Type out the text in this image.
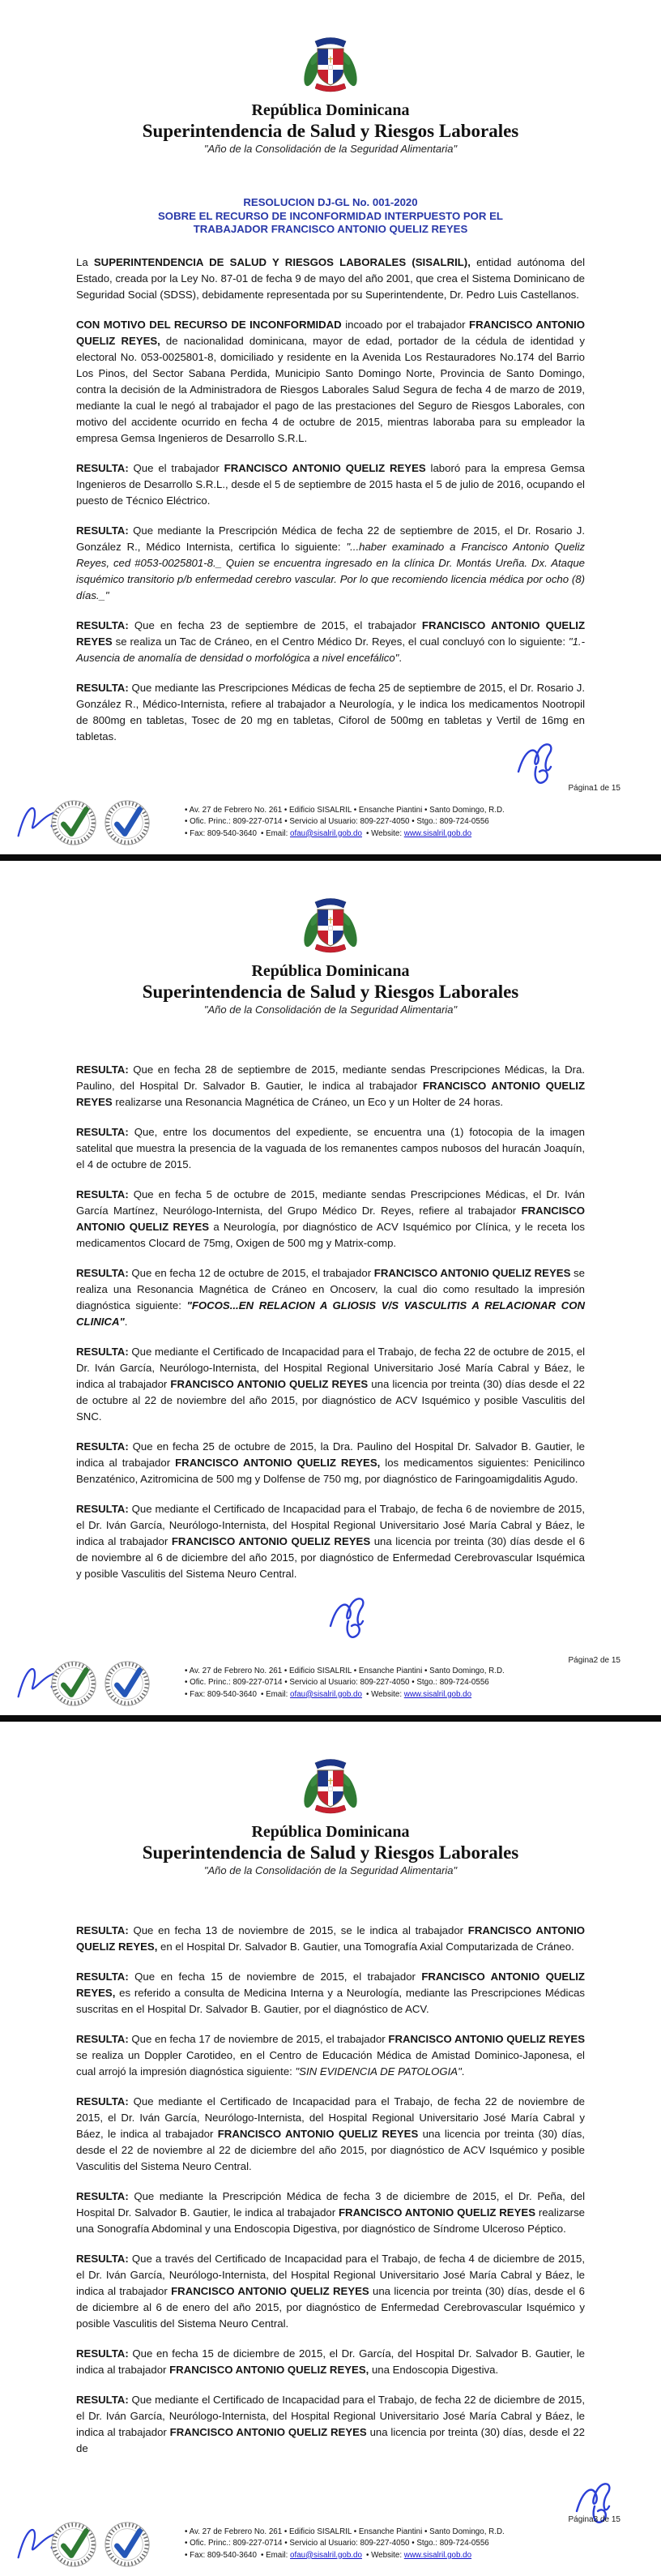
República Dominicana
Superintendencia de Salud y Riesgos Laborales
"Año de la Consolidación de la Seguridad Alimentaria"
RESOLUCION DJ-GL No. 001-2020
SOBRE EL RECURSO DE INCONFORMIDAD INTERPUESTO POR EL
TRABAJADOR FRANCISCO ANTONIO QUELIZ REYES

La SUPERINTENDENCIA DE SALUD Y RIESGOS LABORALES (SISALRIL), entidad autónoma del Estado, creada por la Ley No. 87-01 de fecha 9 de mayo del año 2001, que crea el Sistema Dominicano de Seguridad Social (SDSS), debidamente representada por su Superintendente, Dr. Pedro Luis Castellanos.

CON MOTIVO DEL RECURSO DE INCONFORMIDAD incoado por el trabajador FRANCISCO ANTONIO QUELIZ REYES, de nacionalidad dominicana, mayor de edad, portador de la cédula de identidad y electoral No. 053-0025801-8, domiciliado y residente en la Avenida Los Restauradores No.174 del Barrio Los Pinos, del Sector Sabana Perdida, Municipio Santo Domingo Norte, Provincia de Santo Domingo, contra la decisión de la Administradora de Riesgos Laborales Salud Segura de fecha 4 de marzo de 2019, mediante la cual le negó al trabajador el pago de las prestaciones del Seguro de Riesgos Laborales, con motivo del accidente ocurrido en fecha 4 de octubre de 2015, mientras laboraba para su empleador la empresa Gemsa Ingenieros de Desarrollo S.R.L.

RESULTA: Que el trabajador FRANCISCO ANTONIO QUELIZ REYES laboró para la empresa Gemsa Ingenieros de Desarrollo S.R.L., desde el 5 de septiembre de 2015 hasta el 5 de julio de 2016, ocupando el puesto de Técnico Eléctrico.

RESULTA: Que mediante la Prescripción Médica de fecha 22 de septiembre de 2015, el Dr. Rosario J. González R., Médico Internista, certifica lo siguiente: "...haber examinado a Francisco Antonio Queliz Reyes, ced #053-0025801-8._ Quien se encuentra ingresado en la clínica Dr. Montás Ureña. Dx. Ataque isquémico transitorio p/b enfermedad cerebro vascular. Por lo que recomiendo licencia médica por ocho (8) días._"

RESULTA: Que en fecha 23 de septiembre de 2015, el trabajador FRANCISCO ANTONIO QUELIZ REYES se realiza un Tac de Cráneo, en el Centro Médico Dr. Reyes, el cual concluyó con lo siguiente: "1.- Ausencia de anomalía de densidad o morfológica a nivel encefálico".

RESULTA: Que mediante las Prescripciones Médicas de fecha 25 de septiembre de 2015, el Dr. Rosario J. González R., Médico-Internista, refiere al trabajador a Neurología, y le indica los medicamentos Nootropil de 800mg en tabletas, Tosec de 20 mg en tabletas, Ciforol de 500mg en tabletas y Vertil de 16mg en tabletas.

Página1 de 15
• Av. 27 de Febrero No. 261 • Edificio SISALRIL • Ensanche Piantini • Santo Domingo, R.D.
• Ofic. Princ.: 809-227-0714 • Servicio al Usuario: 809-227-4050 • Stgo.: 809-724-0556
• Fax: 809-540-3640 • Email: ofau@sisalril.gob.do • Website: www.sisalril.gob.do
República Dominicana
Superintendencia de Salud y Riesgos Laborales
"Año de la Consolidación de la Seguridad Alimentaria"

RESULTA: Que en fecha 28 de septiembre de 2015, mediante sendas Prescripciones Médicas, la Dra. Paulino, del Hospital Dr. Salvador B. Gautier, le indica al trabajador FRANCISCO ANTONIO QUELIZ REYES realizarse una Resonancia Magnética de Cráneo, un Eco y un Holter de 24 horas.

RESULTA: Que, entre los documentos del expediente, se encuentra una (1) fotocopia de la imagen satelital que muestra la presencia de la vaguada de los remanentes campos nubosos del huracán Joaquín, el 4 de octubre de 2015.

RESULTA: Que en fecha 5 de octubre de 2015, mediante sendas Prescripciones Médicas, el Dr. Iván García Martínez, Neurólogo-Internista, del Grupo Médico Dr. Reyes, refiere al trabajador FRANCISCO ANTONIO QUELIZ REYES a Neurología, por diagnóstico de ACV Isquémico por Clínica, y le receta los medicamentos Clocard de 75mg, Oxigen de 500 mg y Matrix-comp.

RESULTA: Que en fecha 12 de octubre de 2015, el trabajador FRANCISCO ANTONIO QUELIZ REYES se realiza una Resonancia Magnética de Cráneo en Oncoserv, la cual dio como resultado la impresión diagnóstica siguiente: "FOCOS...EN RELACION A GLIOSIS V/S VASCULITIS A RELACIONAR CON CLINICA".

RESULTA: Que mediante el Certificado de Incapacidad para el Trabajo, de fecha 22 de octubre de 2015, el Dr. Iván García, Neurólogo-Internista, del Hospital Regional Universitario José María Cabral y Báez, le indica al trabajador FRANCISCO ANTONIO QUELIZ REYES una licencia por treinta (30) días desde el 22 de octubre al 22 de noviembre del año 2015, por diagnóstico de ACV Isquémico y posible Vasculitis del SNC.

RESULTA: Que en fecha 25 de octubre de 2015, la Dra. Paulino del Hospital Dr. Salvador B. Gautier, le indica al trabajador FRANCISCO ANTONIO QUELIZ REYES, los medicamentos siguientes: Penicilinco Benzaténico, Azitromicina de 500 mg y Dolfense de 750 mg, por diagnóstico de Faringoamigdalitis Agudo.

RESULTA: Que mediante el Certificado de Incapacidad para el Trabajo, de fecha 6 de noviembre de 2015, el Dr. Iván García, Neurólogo-Internista, del Hospital Regional Universitario José María Cabral y Báez, le indica al trabajador FRANCISCO ANTONIO QUELIZ REYES una licencia por treinta (30) días desde el 6 de noviembre al 6 de diciembre del año 2015, por diagnóstico de Enfermedad Cerebrovascular Isquémica y posible Vasculitis del Sistema Neuro Central.

Página2 de 15
• Av. 27 de Febrero No. 261 • Edificio SISALRIL • Ensanche Piantini • Santo Domingo, R.D.
• Ofic. Princ.: 809-227-0714 • Servicio al Usuario: 809-227-4050 • Stgo.: 809-724-0556
• Fax: 809-540-3640 • Email: ofau@sisalril.gob.do • Website: www.sisalril.gob.do
República Dominicana
Superintendencia de Salud y Riesgos Laborales
"Año de la Consolidación de la Seguridad Alimentaria"

RESULTA: Que en fecha 13 de noviembre de 2015, se le indica al trabajador FRANCISCO ANTONIO QUELIZ REYES, en el Hospital Dr. Salvador B. Gautier, una Tomografía Axial Computarizada de Cráneo.

RESULTA: Que en fecha 15 de noviembre de 2015, el trabajador FRANCISCO ANTONIO QUELIZ REYES, es referido a consulta de Medicina Interna y a Neurología, mediante las Prescripciones Médicas suscritas en el Hospital Dr. Salvador B. Gautier, por el diagnóstico de ACV.

RESULTA: Que en fecha 17 de noviembre de 2015, el trabajador FRANCISCO ANTONIO QUELIZ REYES se realiza un Doppler Carotideo, en el Centro de Educación Médica de Amistad Dominico-Japonesa, el cual arrojó la impresión diagnóstica siguiente: "SIN EVIDENCIA DE PATOLOGIA".

RESULTA: Que mediante el Certificado de Incapacidad para el Trabajo, de fecha 22 de noviembre de 2015, el Dr. Iván García, Neurólogo-Internista, del Hospital Regional Universitario José María Cabral y Báez, le indica al trabajador FRANCISCO ANTONIO QUELIZ REYES una licencia por treinta (30) días, desde el 22 de noviembre al 22 de diciembre del año 2015, por diagnóstico de ACV Isquémico y posible Vasculitis del Sistema Neuro Central.

RESULTA: Que mediante la Prescripción Médica de fecha 3 de diciembre de 2015, el Dr. Peña, del Hospital Dr. Salvador B. Gautier, le indica al trabajador FRANCISCO ANTONIO QUELIZ REYES realizarse una Sonografía Abdominal y una Endoscopia Digestiva, por diagnóstico de Síndrome Ulceroso Péptico.

RESULTA: Que a través del Certificado de Incapacidad para el Trabajo, de fecha 4 de diciembre de 2015, el Dr. Iván García, Neurólogo-Internista, del Hospital Regional Universitario José María Cabral y Báez, le indica al trabajador FRANCISCO ANTONIO QUELIZ REYES una licencia por treinta (30) días, desde el 6 de diciembre al 6 de enero del año 2015, por diagnóstico de Enfermedad Cerebrovascular Isquémico y posible Vasculitis del Sistema Neuro Central.

RESULTA: Que en fecha 15 de diciembre de 2015, el Dr. García, del Hospital Dr. Salvador B. Gautier, le indica al trabajador FRANCISCO ANTONIO QUELIZ REYES, una Endoscopia Digestiva.

RESULTA: Que mediante el Certificado de Incapacidad para el Trabajo, de fecha 22 de diciembre de 2015, el Dr. Iván García, Neurólogo-Internista, del Hospital Regional Universitario José María Cabral y Báez, le indica al trabajador FRANCISCO ANTONIO QUELIZ REYES una licencia por treinta (30) días, desde el 22 de

Página3 de 15
• Av. 27 de Febrero No. 261 • Edificio SISALRIL • Ensanche Piantini • Santo Domingo, R.D.
• Ofic. Princ.: 809-227-0714 • Servicio al Usuario: 809-227-4050 • Stgo.: 809-724-0556
• Fax: 809-540-3640 • Email: ofau@sisalril.gob.do • Website: www.sisalril.gob.do
